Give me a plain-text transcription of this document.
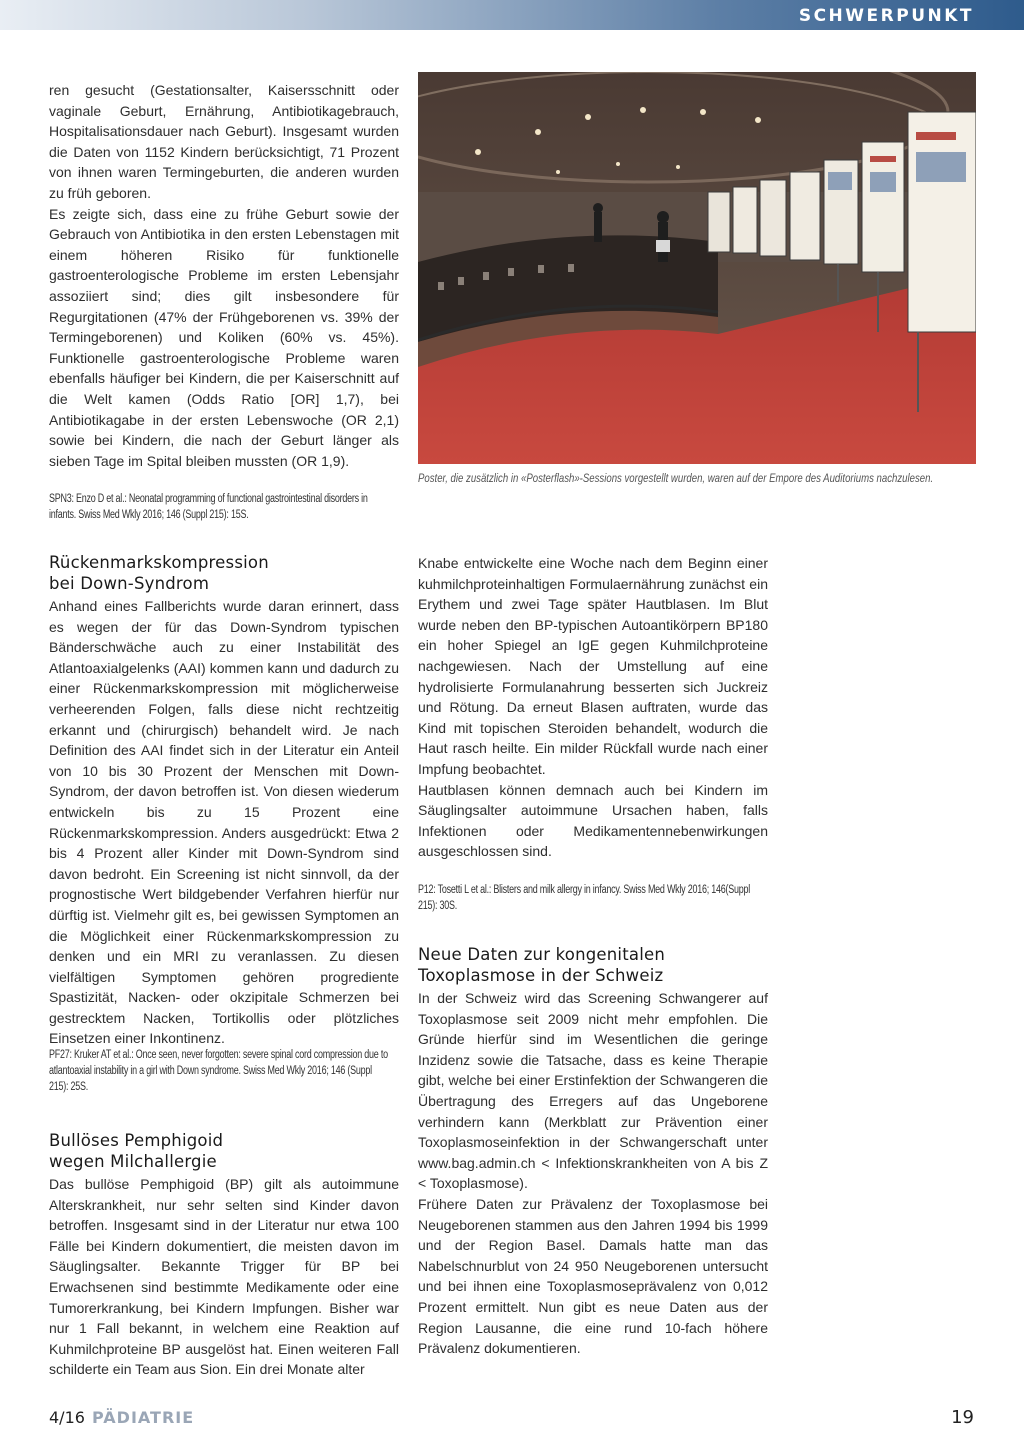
SCHWERPUNKT

ren gesucht (Gestationsalter, Kaisersschnitt oder vaginale Geburt, Ernährung, Antibiotikagebrauch, Hospitalisationsdauer nach Geburt). Insgesamt wurden die Daten von 1152 Kindern berücksichtigt, 71 Prozent von ihnen waren Termingeburten, die anderen wurden zu früh geboren.

Es zeigte sich, dass eine zu frühe Geburt sowie der Gebrauch von Antibiotika in den ersten Lebenstagen mit einem höheren Risiko für funktionelle gastroenterologische Probleme im ersten Lebensjahr assoziiert sind; dies gilt insbesondere für Regurgitationen (47% der Frühgeborenen vs. 39% der Termingeborenen) und Koliken (60% vs. 45%). Funktionelle gastroenterologische Probleme waren ebenfalls häufiger bei Kindern, die per Kaiserschnitt auf die Welt kamen (Odds Ratio [OR] 1,7), bei Antibiotikagabe in der ersten Lebenswoche (OR 2,1) sowie bei Kindern, die nach der Geburt länger als sieben Tage im Spital bleiben mussten (OR 1,9).

SPN3: Enzo D et al.: Neonatal programming of functional gastrointestinal disorders in infants. Swiss Med Wkly 2016; 146 (Suppl 215): 15S.

Rückenmarkskompression
bei Down-Syndrom

Anhand eines Fallberichts wurde daran erinnert, dass es wegen der für das Down-Syndrom typischen Bänderschwäche auch zu einer Instabilität des Atlantoaxialgelenks (AAI) kommen kann und dadurch zu einer Rückenmarkskompression mit möglicherweise verheerenden Folgen, falls diese nicht rechtzeitig erkannt und (chirurgisch) behandelt wird. Je nach Definition des AAI findet sich in der Literatur ein Anteil von 10 bis 30 Prozent der Menschen mit Down-Syndrom, der davon betroffen ist. Von diesen wiederum entwickeln bis zu 15 Prozent eine Rückenmarkskompression. Anders ausgedrückt: Etwa 2 bis 4 Prozent aller Kinder mit Down-Syndrom sind davon bedroht. Ein Screening ist nicht sinnvoll, da der prognostische Wert bildgebender Verfahren hierfür nur dürftig ist. Vielmehr gilt es, bei gewissen Symptomen an die Möglichkeit einer Rückenmarkskompression zu denken und ein MRI zu veranlassen. Zu diesen vielfältigen Symptomen gehören progrediente Spastizität, Nacken- oder okzipitale Schmerzen bei gestrecktem Nacken, Tortikollis oder plötzliches Einsetzen einer Inkontinenz.

PF27: Kruker AT et al.: Once seen, never forgotten: severe spinal cord compression due to atlantoaxial instability in a girl with Down syndrome. Swiss Med Wkly 2016; 146 (Suppl 215): 25S.

Bullöses Pemphigoid
wegen Milchallergie

Das bullöse Pemphigoid (BP) gilt als autoimmune Alterskrankheit, nur sehr selten sind Kinder davon betroffen. Insgesamt sind in der Literatur nur etwa 100 Fälle bei Kindern dokumentiert, die meisten davon im Säuglingsalter. Bekannte Trigger für BP bei Erwachsenen sind bestimmte Medikamente oder eine Tumorerkrankung, bei Kindern Impfungen. Bisher war nur 1 Fall bekannt, in welchem eine Reaktion auf Kuhmilchproteine BP ausgelöst hat. Einen weiteren Fall schilderte ein Team aus Sion. Ein drei Monate alter

Poster, die zusätzlich in «Posterflash»-Sessions vorgestellt wurden, waren auf der Empore des Auditoriums nachzulesen.

Knabe entwickelte eine Woche nach dem Beginn einer kuhmilchproteinhaltigen Formulaernährung zunächst ein Erythem und zwei Tage später Hautblasen. Im Blut wurde neben den BP-typischen Autoantikörpern BP180 ein hoher Spiegel an IgE gegen Kuhmilchproteine nachgewiesen. Nach der Umstellung auf eine hydrolisierte Formulanahrung besserten sich Juckreiz und Rötung. Da erneut Blasen auftraten, wurde das Kind mit topischen Steroiden behandelt, wodurch die Haut rasch heilte. Ein milder Rückfall wurde nach einer Impfung beobachtet.

Hautblasen können demnach auch bei Kindern im Säuglingsalter autoimmune Ursachen haben, falls Infektionen oder Medikamentennebenwirkungen ausgeschlossen sind.

P12: Tosetti L et al.: Blisters and milk allergy in infancy. Swiss Med Wkly 2016; 146(Suppl 215): 30S.

Neue Daten zur kongenitalen
Toxoplasmose in der Schweiz

In der Schweiz wird das Screening Schwangerer auf Toxoplasmose seit 2009 nicht mehr empfohlen. Die Gründe hierfür sind im Wesentlichen die geringe Inzidenz sowie die Tatsache, dass es keine Therapie gibt, welche bei einer Erstinfektion der Schwangeren die Übertragung des Erregers auf das Ungeborene verhindern kann (Merkblatt zur Prävention einer Toxoplasmoseinfektion in der Schwangerschaft unter www.bag.admin.ch < Infektionskrankheiten von A bis Z < Toxoplasmose).

Frühere Daten zur Prävalenz der Toxoplasmose bei Neugeborenen stammen aus den Jahren 1994 bis 1999 und der Region Basel. Damals hatte man das Nabelschnurblut von 24 950 Neugeborenen untersucht und bei ihnen eine Toxoplasmoseprävalenz von 0,012 Prozent ermittelt. Nun gibt es neue Daten aus der Region Lausanne, die eine rund 10-fach höhere Prävalenz dokumentieren.

4/16 PÄDIATRIE	19
